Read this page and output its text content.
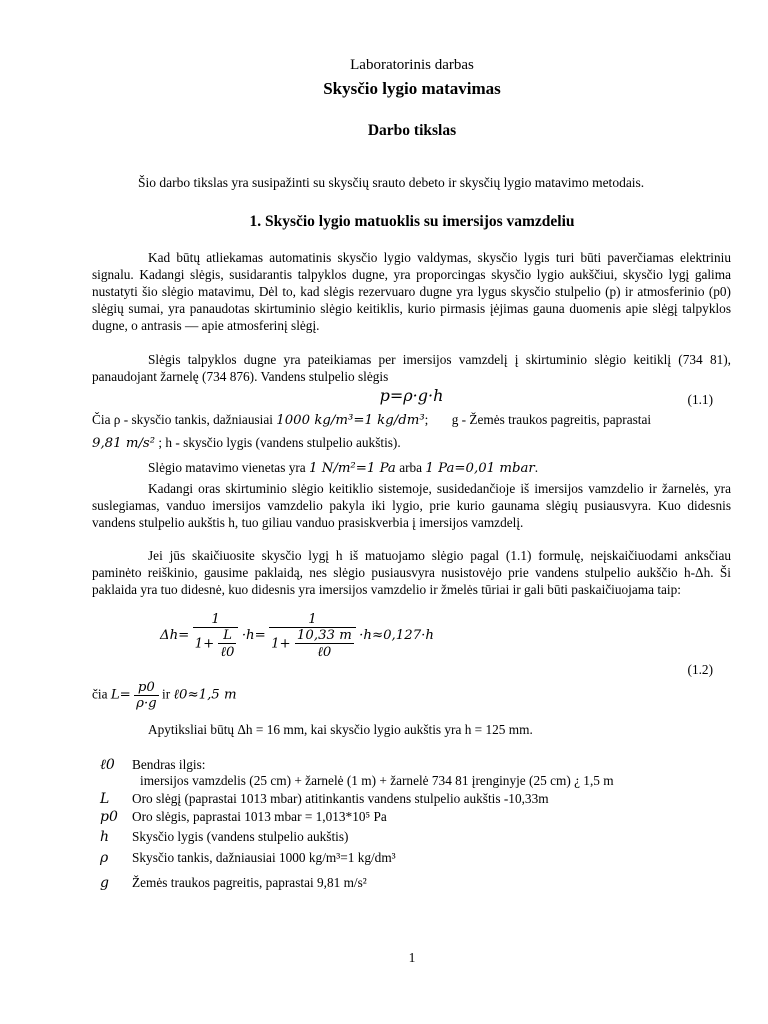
Laboratorinis darbas
Skysčio lygio matavimas
Darbo tikslas
Šio darbo tikslas yra susipažinti su skysčių srauto debeto ir skysčių lygio matavimo metodais.
1. Skysčio lygio matuoklis su imersijos vamzdeliu
Kad būtų atliekamas automatinis skysčio lygio valdymas, skysčio lygis turi būti paverčiamas elektriniu signalu. Kadangi slėgis, susidarantis talpyklos dugne, yra proporcingas skysčio lygio aukščiui, skysčio lygį galima nustatyti šio slėgio matavimu, Dėl to, kad slėgis rezervuaro dugne yra lygus skysčio stulpelio (p) ir atmosferinio (p0) slėgių sumai, yra panaudotas skirtuminio slėgio keitiklis, kurio pirmasis įėjimas gauna duomenis apie slėgį talpyklos dugne, o antrasis — apie atmosferinį slėgį.
Slėgis talpyklos dugne yra pateikiamas per imersijos vamzdelį į skirtuminio slėgio keitiklį (734 81), panaudojant žarnelę (734 876). Vandens stulpelio slėgis
p=ρ·g·h	(1.1)
Čia ρ - skysčio tankis, dažniausiai 1000 kg/m³=1 kg/dm³; g - Žemės traukos pagreitis, paprastai
9,81 m/s² ; h - skysčio lygis (vandens stulpelio aukštis).
Slėgio matavimo vienetas yra 1 N/m²=1 Pa arba 1 Pa=0,01 mbar.
Kadangi oras skirtuminio slėgio keitiklio sistemoje, susidedančioje iš imersijos vamzdelio ir žarnelės, yra suslegiamas, vanduo imersijos vamzdelio pakyla iki lygio, prie kurio gaunama slėgių pusiausvyra. Kuo didesnis vandens stulpelio aukštis h, tuo giliau vanduo prasiskverbia į imersijos vamzdelį.
Jei jūs skaičiuosite skysčio lygį h iš matuojamo slėgio pagal (1.1) formulę, neįskaičiuodami anksčiau paminėto reiškinio, gausime paklaidą, nes slėgio pusiausvyra nusistovėjo prie vandens stulpelio aukščio h-Δh. Ši paklaida yra tuo didesnė, kuo didesnis yra imersijos vamzdelio ir žmelės tūriai ir gali būti paskaičiuojama taip:
$\Delta h= \frac{1}{1+ \frac{L}{\text{ℓ0}}} \cdot h= \frac{1}{1+ \frac{10,33 m}{\text{ℓ0}}} \cdot h\approx 0,127\cdot h$
(1.2)
čia $L= \frac{p0}{\rho\cdot g}$ ir ℓ0≈1,5 m
Apytiksliai būtų Δh = 16 mm, kai skysčio lygio aukštis yra h = 125 mm.
ℓ0 Bendras ilgis:
imersijos vamzdelis (25 cm) + žarnelė (1 m) + žarnelė 734 81 įrenginyje (25 cm) ¿ 1,5 m
L Oro slėgį (paprastai 1013 mbar) atitinkantis vandens stulpelio aukštis -10,33m
p0 Oro slėgis, paprastai 1013 mbar = 1,013*10⁵ Pa
h Skysčio lygis (vandens stulpelio aukštis)
ρ Skysčio tankis, dažniausiai 1000 kg/m³=1 kg/dm³
g Žemės traukos pagreitis, paprastai 9,81 m/s²
1
